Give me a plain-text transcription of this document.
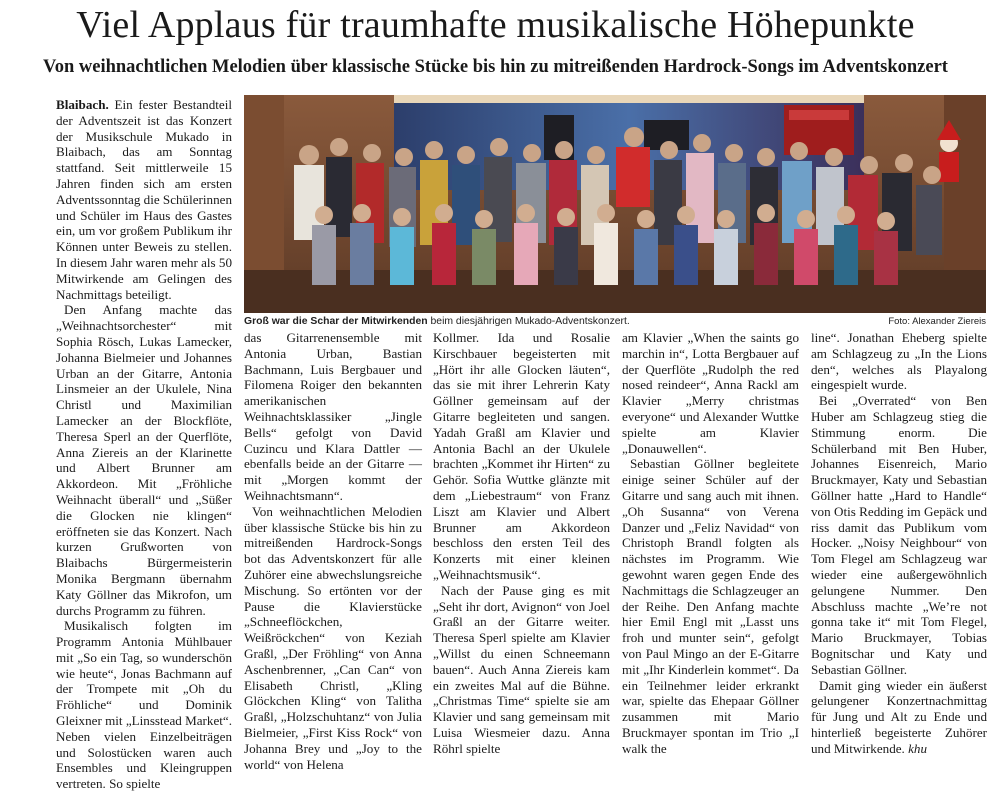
Viel Applaus für traumhafte musikalische Höhepunkte
Von weihnachtlichen Melodien über klassische Stücke bis hin zu mitreißenden Hardrock-Songs im Adventskonzert

Blaibach. Ein fester Bestandteil der Adventszeit ist das Konzert der Musikschule Mukado in Blaibach, das am Sonntag stattfand. Seit mittlerweile 15 Jahren finden sich am ersten Adventssonntag die Schülerinnen und Schüler im Haus des Gastes ein, um vor großem Publikum ihr Können unter Beweis zu stellen. In diesem Jahr waren mehr als 50 Mitwirkende am Gelingen des Nachmittags beteiligt.

Den Anfang machte das „Weihnachtsorchester“ mit Sophia Rösch, Lukas Lamecker, Johanna Bielmeier und Johannes Urban an der Gitarre, Antonia Linsmeier an der Ukulele, Nina Christl und Maximilian Lamecker an der Blockflöte, Theresa Sperl an der Querflöte, Anna Ziereis an der Klarinette und Albert Brunner am Akkordeon. Mit „Fröhliche Weihnacht überall“ und „Süßer die Glocken nie klingen“ eröffneten sie das Konzert. Nach kurzen Grußworten von Blaibachs Bürgermeisterin Monika Bergmann übernahm Katy Göllner das Mikrofon, um durchs Programm zu führen.

Musikalisch folgten im Programm Antonia Mühlbauer mit „So ein Tag, so wunderschön wie heute“, Jonas Bachmann auf der Trompete mit „Oh du Fröhliche“ und Dominik Gleixner mit „Linsstead Market“. Neben vielen Einzelbeiträgen und Solostücken waren auch Ensembles und Kleingruppen vertreten. So spielte

Groß war die Schar der Mitwirkenden beim diesjährigen Mukado-Adventskonzert.	Foto: Alexander Ziereis

das Gitarrenensemble mit Antonia Urban, Bastian Bachmann, Luis Bergbauer und Filomena Roiger den bekannten amerikanischen Weihnachtsklassiker „Jingle Bells“ gefolgt von David Cuzincu und Klara Dattler — ebenfalls beide an der Gitarre — mit „Morgen kommt der Weihnachtsmann“.

Von weihnachtlichen Melodien über klassische Stücke bis hin zu mitreißenden Hardrock-Songs bot das Adventskonzert für alle Zuhörer eine abwechslungsreiche Mischung. So ertönten vor der Pause die Klavierstücke „Schneeflöckchen, Weißröckchen“ von Keziah Graßl, „Der Fröhling“ von Anna Aschenbrenner, „Can Can“ von Elisabeth Christl, „Kling Glöckchen Kling“ von Talitha Graßl, „Holzschuhtanz“ von Julia Bielmeier, „First Kiss Rock“ von Johanna Brey und „Joy to the world“ von Helena

Kollmer. Ida und Rosalie Kirschbauer begeisterten mit „Hört ihr alle Glocken läuten“, das sie mit ihrer Lehrerin Katy Göllner gemeinsam auf der Gitarre begleiteten und sangen. Yadah Graßl am Klavier und Antonia Bachl an der Ukulele brachten „Kommet ihr Hirten“ zu Gehör. Sofia Wuttke glänzte mit dem „Liebestraum“ von Franz Liszt am Klavier und Albert Brunner am Akkordeon beschloss den ersten Teil des Konzerts mit einer kleinen „Weihnachtsmusik“.

Nach der Pause ging es mit „Seht ihr dort, Avignon“ von Joel Graßl an der Gitarre weiter. Theresa Sperl spielte am Klavier „Willst du einen Schneemann bauen“. Auch Anna Ziereis kam ein zweites Mal auf die Bühne. „Christmas Time“ spielte sie am Klavier und sang gemeinsam mit Luisa Wiesmeier dazu. Anna Röhrl spielte

am Klavier „When the saints go marchin in“, Lotta Bergbauer auf der Querflöte „Rudolph the red nosed reindeer“, Anna Rackl am Klavier „Merry christmas everyone“ und Alexander Wuttke spielte am Klavier „Donauwellen“.

Sebastian Göllner begleitete einige seiner Schüler auf der Gitarre und sang auch mit ihnen. „Oh Susanna“ von Verena Danzer und „Feliz Navidad“ von Christoph Brandl folgten als nächstes im Programm. Wie gewohnt waren gegen Ende des Nachmittags die Schlagzeuger an der Reihe. Den Anfang machte hier Emil Engl mit „Lasst uns froh und munter sein“, gefolgt von Paul Mingo an der E-Gitarre mit „Ihr Kinderlein kommet“. Da ein Teilnehmer leider erkrankt war, spielte das Ehepaar Göllner zusammen mit Mario Bruckmayer spontan im Trio „I walk the

line“. Jonathan Eheberg spielte am Schlagzeug zu „In the Lions den“, welches als Playalong eingespielt wurde.

Bei „Overrated“ von Ben Huber am Schlagzeug stieg die Stimmung enorm. Die Schülerband mit Ben Huber, Johannes Eisenreich, Mario Bruckmayer, Katy und Sebastian Göllner hatte „Hard to Handle“ von Otis Redding im Gepäck und riss damit das Publikum vom Hocker. „Noisy Neighbour“ von Tom Flegel am Schlagzeug war wieder eine außergewöhnlich gelungene Nummer. Den Abschluss machte „We’re not gonna take it“ mit Tom Flegel, Mario Bruckmayer, Tobias Bognitschar und Katy und Sebastian Göllner.

Damit ging wieder ein äußerst gelungener Konzertnachmittag für Jung und Alt zu Ende und hinterließ begeisterte Zuhörer und Mitwirkende. khu
